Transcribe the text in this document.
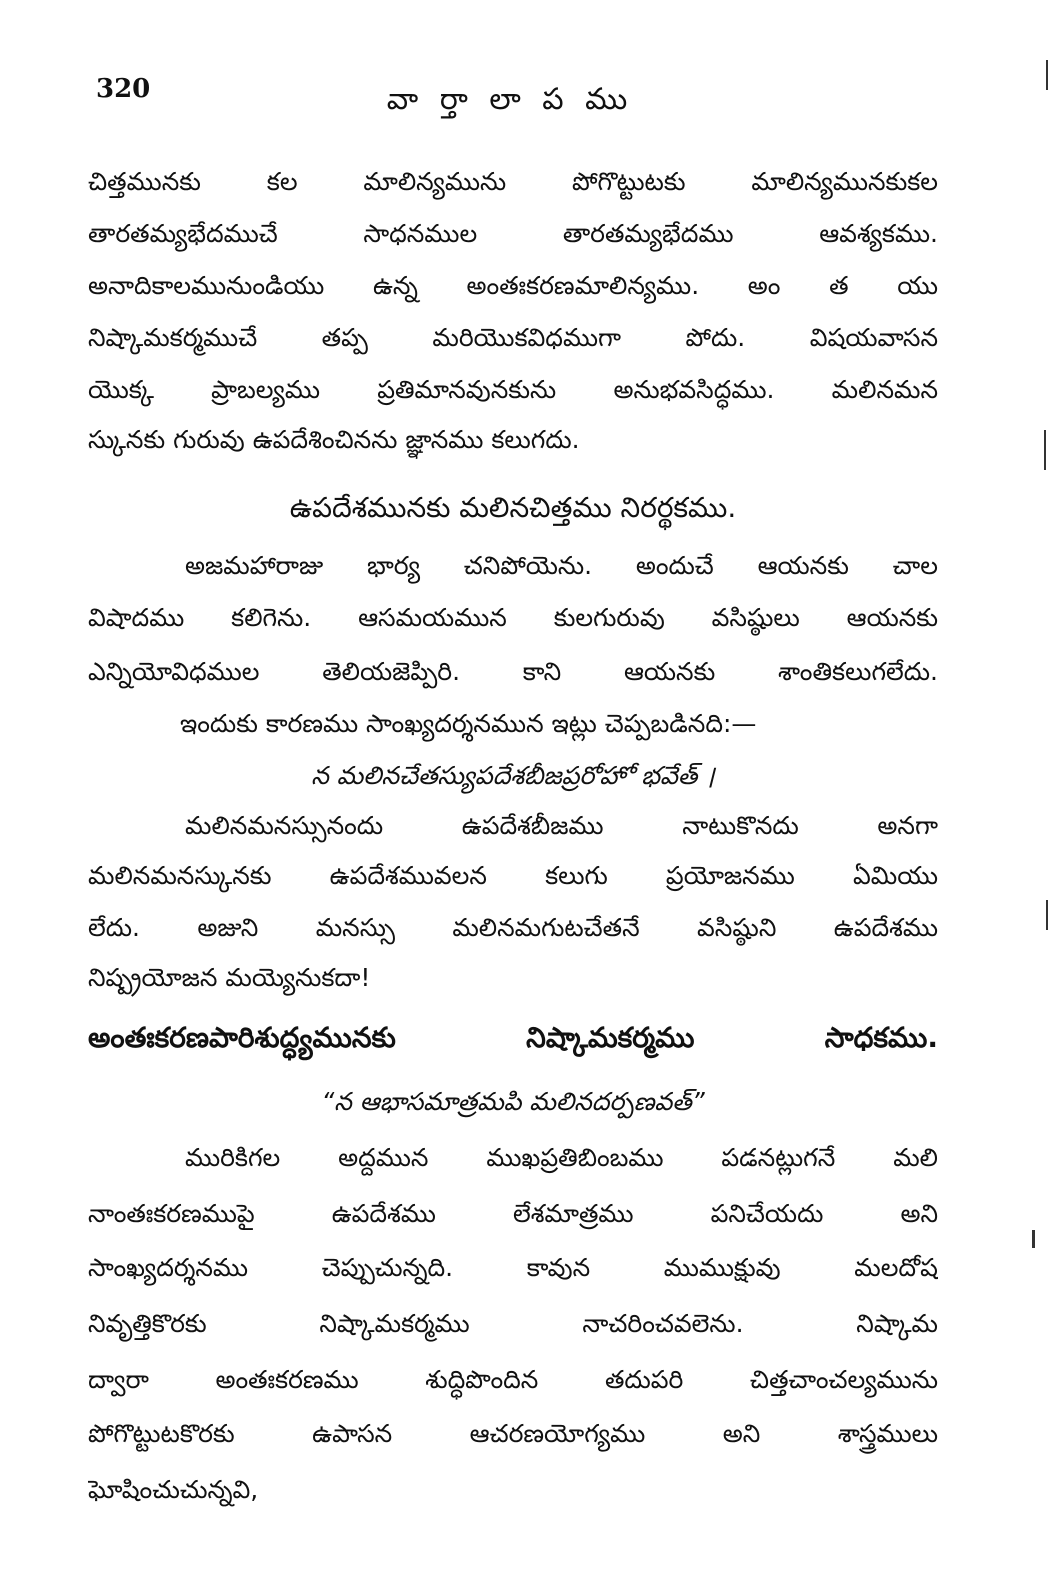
320	వా ర్తా లా ప ము
చిత్తమునకు కల మాలిన్యమును పోగొట్టుటకు మాలిన్యమునకుకల
తారతమ్యభేదముచే సాధనముల తారతమ్యభేదము ఆవశ్యకము.
అనాదికాలమునుండియు ఉన్న అంతఃకరణమాలిన్యము. అం త యు
నిష్కామకర్మముచే తప్ప మరియొకవిధముగా పోదు. విషయవాసన
యొక్క ప్రాబల్యము ప్రతిమానవునకును అనుభవసిద్ధము. మలినమన
స్కునకు గురువు ఉపదేశించినను జ్ఞానము కలుగదు.
ఉపదేశమునకు మలినచిత్తము నిరర్థకము.
అజమహారాజు భార్య చనిపోయెను. అందుచే ఆయనకు చాల
విషాదము కలిగెను. ఆసమయమున కులగురువు వసిష్ఠులు ఆయనకు
ఎన్నియోవిధముల తెలియజెప్పిరి. కాని ఆయనకు శాంతికలుగలేదు.
ఇందుకు కారణము సాంఖ్యదర్శనమున ఇట్లు చెప్పబడినది:—
న మలినచేతస్యుపదేశబీజప్రరోహో భవేత్ ।
మలినమనస్సునందు ఉపదేశబీజము నాటుకొనదు అనగా
మలినమనస్కునకు ఉపదేశమువలన కలుగు ప్రయోజనము ఏమియు
లేదు. అజుని మనస్సు మలినమగుటచేతనే వసిష్ఠుని ఉపదేశము
నిష్ప్రయోజన మయ్యెనుకదా!
అంతఃకరణపారిశుద్ధ్యమునకు నిష్కామకర్మము సాధకము.
“న ఆభాసమాత్రమపి మలినదర్పణవత్”
మురికిగల అద్దమున ముఖప్రతిబింబము పడనట్లుగనే మలి
నాంతఃకరణముపై ఉపదేశము లేశమాత్రము పనిచేయదు అని
సాంఖ్యదర్శనము చెప్పుచున్నది. కావున ముముక్షువు మలదోష
నివృత్తికొరకు నిష్కామకర్మము నాచరించవలెను. నిష్కామ
ద్వారా అంతఃకరణము శుద్ధిపొందిన తదుపరి చిత్తచాంచల్యమును
పోగొట్టుటకొరకు ఉపాసన ఆచరణయోగ్యము అని శాస్త్రములు
ఘోషించుచున్నవి,
